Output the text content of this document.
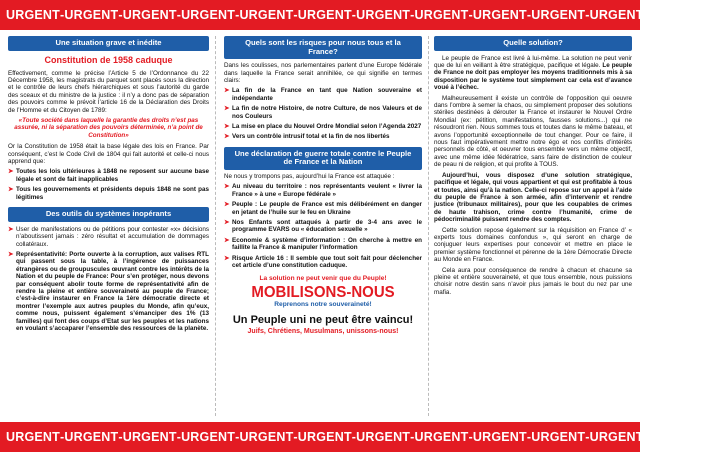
URGENT - URGENT - URGENT - URGENT - URGENT - URGENT - URGENT - URGENT - URGENT - URGENT - URGENT - URGENT
Une situation grave et inédite
Constitution de 1958 caduque

Effectivement, comme le précise l’Article 5 de l’Ordonnance du 22 Décembre 1958, les magistrats du parquet sont placés sous la direction et le contrôle de leurs chefs hiérarchiques et sous l’autorité du garde des sceaux et du ministre de la justice : il n’y a donc pas de séparation des pouvoirs comme le prévoit l’article 16 de la Déclaration des Droits de l’Homme et du Citoyen de 1789:

«Toute société dans laquelle la garantie des droits n’est pas assurée, ni la séparation des pouvoirs déterminée, n’a point de Constitution»

Or la Constitution de 1958 était la base légale des lois en France. Par conséquent, c’est le Code Civil de 1804 qui fait autorité et celle-ci nous apprend que:

➤ Toutes les lois ultérieures à 1848 ne reposent sur aucune base légale et sont de fait inapplicables
➤ Tous les gouvernements et présidents depuis 1848 ne sont pas légitimes
Des outils du systèmes inopérants
➤ User de manifestations ou de pétitions pour contester «x» décisions n’aboutissent jamais : zéro résultat et accumulation de dommages collatéraux.
➤ Représentativité: Porte ouverte à la corruption, aux valises RTL qui passent sous la table, à l’ingérence de puissances étrangères ou de groupuscules œuvrant contre les intérêts de la Nation et du peuple de France: Pour s’en protéger, nous devons par conséquent abolir toute forme de représentativité afin de rendre la pleine et entière souveraineté au peuple de France; c’est-à-dire instaurer en France la 1ère démocratie directe et montrer l’exemple aux autres peuples du Monde, afin qu’eux, comme nous, puissent également s’émanciper des 1% (13 familles) qui font des coups d’Etat sur les peuples et les nations en voulant s’accaparer l’ensemble des ressources de la planète.
Quels sont les risques pour nous tous et la France?

Dans les coulisses, nos parlementaires parlent d’une Europe fédérale dans laquelle la France serait annihilée, ce qui signifie en termes clairs:

➤ La fin de la France en tant que Nation souveraine et indépendante
➤ La fin de notre Histoire, de notre Culture, de nos Valeurs et de nos Couleurs
➤ La mise en place du Nouvel Ordre Mondial selon l’Agenda 2027
➤ Vers un contrôle intrusif total et la fin de nos libertés
Une déclaration de guerre totale contre le Peuple de France et la Nation

Ne nous y trompons pas, aujourd’hui la France est attaquée :

➤ Au niveau du territoire : nos représentants veulent « livrer la France » à une « Europe fédérale »
➤ Peuple : Le peuple de France est mis délibérément en danger en jetant de l’huile sur le feu en Ukraine
➤ Nos Enfants sont attaqués à partir de 3-4 ans avec le programme EVARS ou « éducation sexuelle »
➤ Economie & système d’information : On cherche à mettre en faillite la France & manipuler l’information
➤ Risque Article 16 : Il semble que tout soit fait pour déclencher cet article d’une constitution caduque.
La solution ne peut venir que du Peuple!
MOBILISONS-NOUS
Reprenons notre souveraineté!
Un Peuple uni ne peut être vaincu!
Juifs, Chrétiens, Musulmans, unissons-nous!
Quelle solution?

Le peuple de France est livré à lui-même. La solution ne peut venir que de lui en veillant à être stratégique, pacifique et légale. Le peuple de France ne doit pas employer les moyens traditionnels mis à sa disposition par le système tout simplement car cela est d’avance voué à l’échec.

Malheureusement il existe un contrôle de l’opposition qui oeuvre dans l’ombre à semer la chaos, ou simplement proposer des solutions stériles destinées à dérouter la France et instaurer le Nouvel Ordre Mondial (ex: pétition, manifestations, fausses solutions...) qui ne résoudront rien. Nous sommes tous et toutes dans le même bateau, et avons l’opportunité exceptionnelle de tout changer. Pour ce faire, il nous faut impérativement mettre notre égo et nos conflits d’intérêts personnels de côté, et oeuvrer tous ensemble vers un même objectif, avec une même idée fédératrice, sans faire de distinction de couleur de peau ni de religion, et qui profite à TOUS.

Aujourd’hui, vous disposez d’une solution stratégique, pacifique et légale, qui vous appartient et qui est profitable à tous et toutes, ainsi qu’à la nation. Celle-ci repose sur un appel à l’aide du peuple de France à son armée, afin d’intervenir et rendre justice (tribunaux militaires), pour que les coupables de crimes de haute trahison, crime contre l’humanité, crime de pédocriminalité puissent rendre des comptes.

Cette solution repose également sur la réquisition en France d’ « experts tous domaines confondus », qui seront en charge de conjuguer leurs expertises pour concevoir et mettre en place le premier système fonctionnel et pérenne de la 1ère Démocratie Directe au Monde en France.

Cela aura pour conséquence de rendre à chacun et chacune sa pleine et entière souveraineté, et que tous ensemble, nous puissions choisir notre destin sans n’avoir plus jamais le bout du nez par une mafia.

URGENT - URGENT - URGENT - URGENT - URGENT - URGENT - URGENT - URGENT - URGENT - URGENT - URGENT - URGENT
